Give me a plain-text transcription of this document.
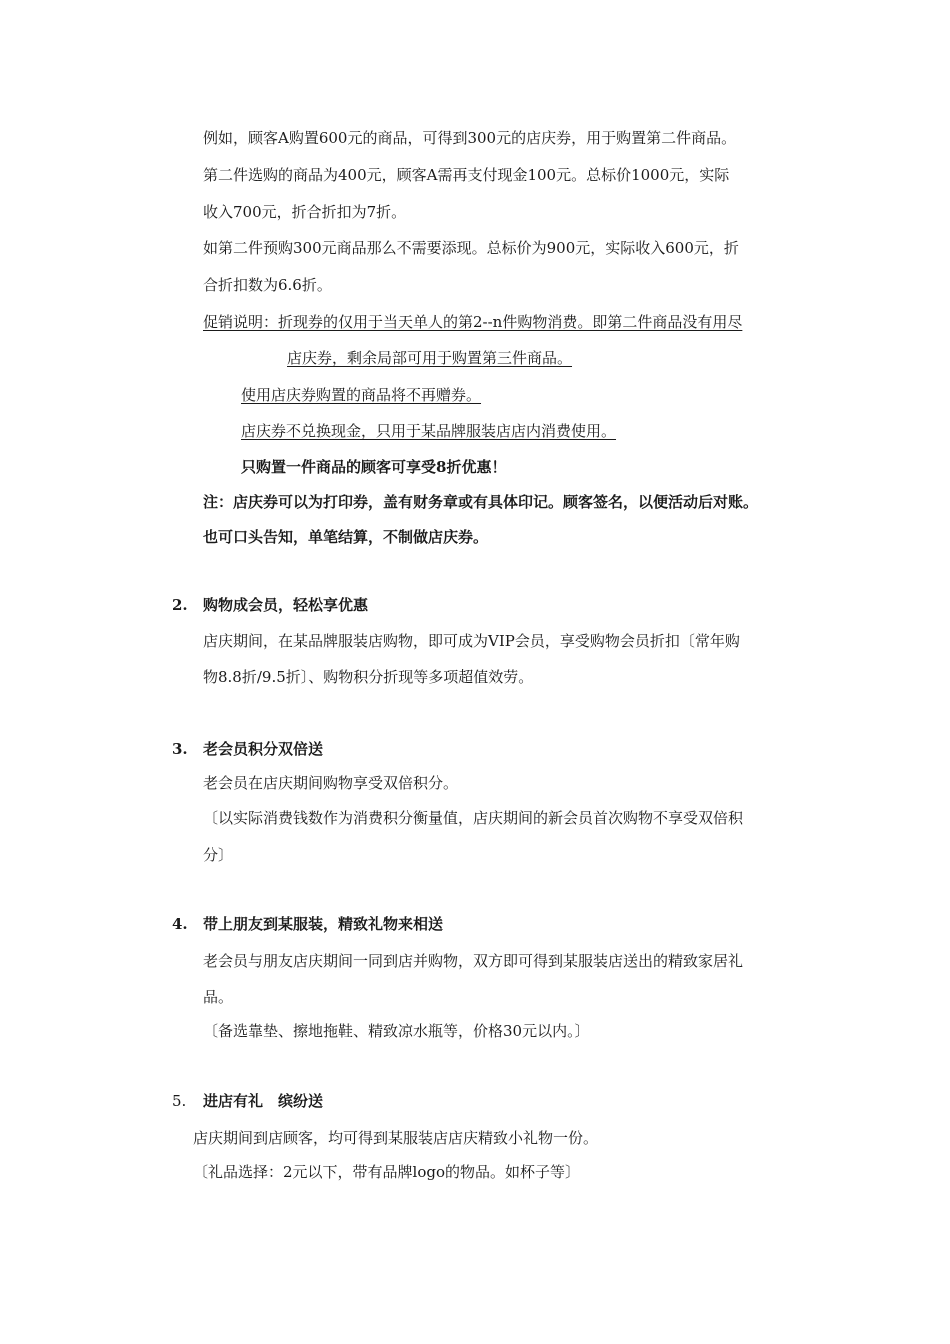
例如，顾客A购置600元的商品，可得到300元的店庆券，用于购置第二件商品。
第二件选购的商品为400元，顾客A需再支付现金100元。总标价1000元，实际
收入700元，折合折扣为7折。
如第二件预购300元商品那么不需要添现。总标价为900元，实际收入600元，折
合折扣数为6.6折。
促销说明：折现券的仅用于当天单人的第2--n件购物消费。即第二件商品没有用尽
店庆券，剩余局部可用于购置第三件商品。
使用店庆券购置的商品将不再赠券。
店庆券不兑换现金，只用于某品牌服装店店内消费使用。
只购置一件商品的顾客可享受8折优惠！
注：店庆券可以为打印券，盖有财务章或有具体印记。顾客签名，以便活动后对账。
也可口头告知，单笔结算，不制做店庆券。
2. 购物成会员，轻松享优惠
店庆期间，在某品牌服装店购物，即可成为VIP会员，享受购物会员折扣〔常年购
物8.8折/9.5折〕、购物积分折现等多项超值效劳。
3. 老会员积分双倍送
老会员在店庆期间购物享受双倍积分。
〔以实际消费钱数作为消费积分衡量值，店庆期间的新会员首次购物不享受双倍积
分〕
4. 带上朋友到某服装，精致礼物来相送
老会员与朋友店庆期间一同到店并购物，双方即可得到某服装店送出的精致家居礼
品。
〔备选靠垫、擦地拖鞋、精致凉水瓶等，价格30元以内。〕
5. 进店有礼　缤纷送
店庆期间到店顾客，均可得到某服装店店庆精致小礼物一份。
〔礼品选择：2元以下，带有品牌logo的物品。如杯子等〕
